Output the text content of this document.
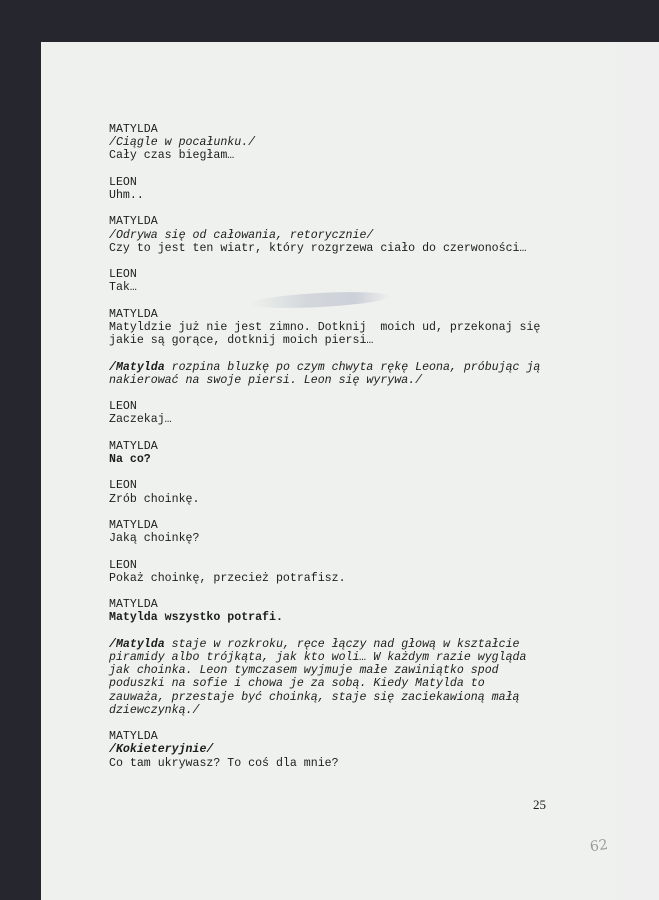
MATYLDA

/Ciągle w pocałunku./

Cały czas biegłam…

LEON

Uhm..

MATYLDA

/Odrywa się od całowania, retorycznie/

Czy to jest ten wiatr, który rozgrzewa ciało do czerwoności…

LEON

Tak…

MATYLDA

Matyldzie już nie jest zimno. Dotknij  moich ud, przekonaj się
jakie są gorące, dotknij moich piersi…

/Matylda rozpina bluzkę po czym chwyta rękę Leona, próbując ją
nakierować na swoje piersi. Leon się wyrywa./

LEON

Zaczekaj…

MATYLDA

Na co?

LEON

Zrób choinkę.

MATYLDA

Jaką choinkę?

LEON

Pokaż choinkę, przecież potrafisz.

MATYLDA

Matylda wszystko potrafi.

/Matylda staje w rozkroku, ręce łączy nad głową w kształcie
piramidy albo trójkąta, jak kto woli… W każdym razie wygląda
jak choinka. Leon tymczasem wyjmuje małe zawiniątko spod
poduszki na sofie i chowa je za sobą. Kiedy Matylda to
zauważa, przestaje być choinką, staje się zaciekawioną małą
dziewczynką./

MATYLDA

/Kokieteryjnie/

Co tam ukrywasz? To coś dla mnie?

25
62
